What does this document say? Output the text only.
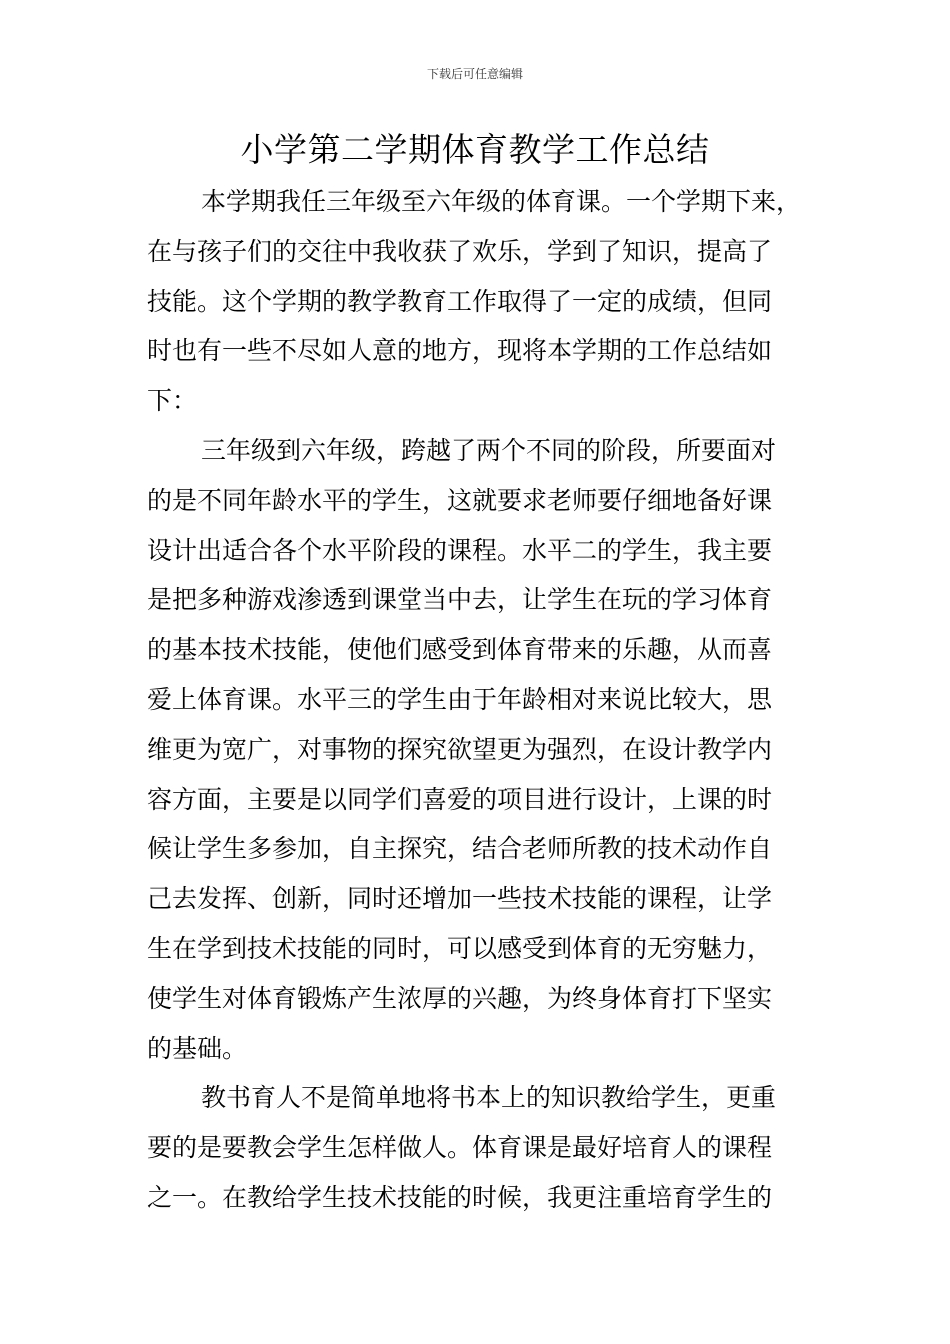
下载后可任意编辑
小学第二学期体育教学工作总结

本学期我任三年级至六年级的体育课。一个学期下来，
在与孩子们的交往中我收获了欢乐，学到了知识，提高了
技能。这个学期的教学教育工作取得了一定的成绩，但同
时也有一些不尽如人意的地方，现将本学期的工作总结如
下：

三年级到六年级，跨越了两个不同的阶段，所要面对
的是不同年龄水平的学生，这就要求老师要仔细地备好课
设计出适合各个水平阶段的课程。水平二的学生，我主要
是把多种游戏渗透到课堂当中去，让学生在玩的学习体育
的基本技术技能，使他们感受到体育带来的乐趣，从而喜
爱上体育课。水平三的学生由于年龄相对来说比较大，思
维更为宽广，对事物的探究欲望更为强烈，在设计教学内
容方面，主要是以同学们喜爱的项目进行设计，上课的时
候让学生多参加，自主探究，结合老师所教的技术动作自
己去发挥、创新，同时还增加一些技术技能的课程，让学
生在学到技术技能的同时，可以感受到体育的无穷魅力，
使学生对体育锻炼产生浓厚的兴趣，为终身体育打下坚实
的基础。

教书育人不是简单地将书本上的知识教给学生，更重
要的是要教会学生怎样做人。体育课是最好培育人的课程
之一。在教给学生技术技能的时候，我更注重培育学生的
